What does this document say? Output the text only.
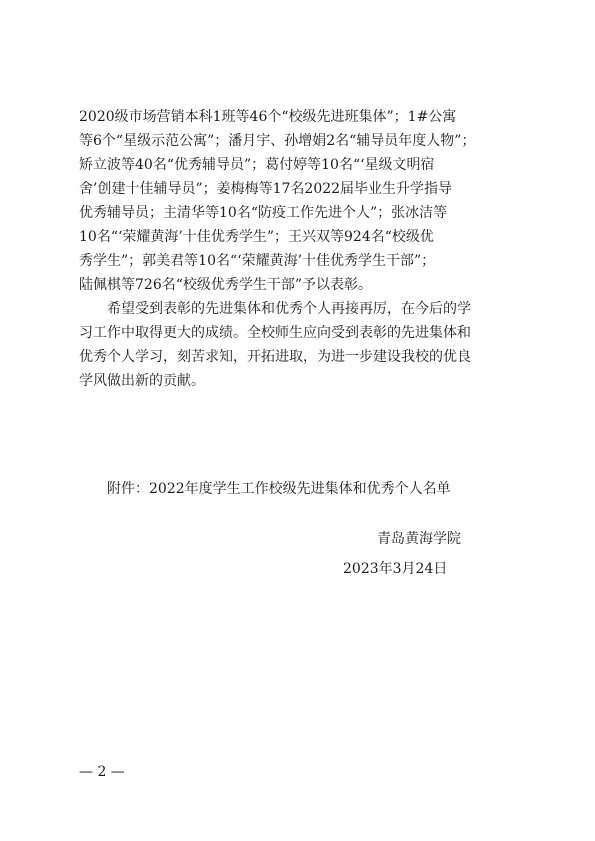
2020级市场营销本科1班等46个“校级先进班集体”；1#公寓
等6个“星级示范公寓”；潘月宇、孙增娟2名“辅导员年度人物”；
矫立波等40名“优秀辅导员”；葛付婷等10名“‘星级文明宿
舍’创建十佳辅导员”；姜梅梅等17名2022届毕业生升学指导
优秀辅导员；主清华等10名“防疫工作先进个人”；张冰洁等
10名“‘荣耀黄海’十佳优秀学生”；王兴双等924名“校级优
秀学生”；郭美君等10名“‘荣耀黄海’十佳优秀学生干部”；
陆佩棋等726名“校级优秀学生干部”予以表彰。
希望受到表彰的先进集体和优秀个人再接再厉，在今后的学
习工作中取得更大的成绩。全校师生应向受到表彰的先进集体和
优秀个人学习，刻苦求知，开拓进取，为进一步建设我校的优良
学风做出新的贡献。
附件：2022年度学生工作校级先进集体和优秀个人名单
青岛黄海学院
2023年3月24日
— 2 —
